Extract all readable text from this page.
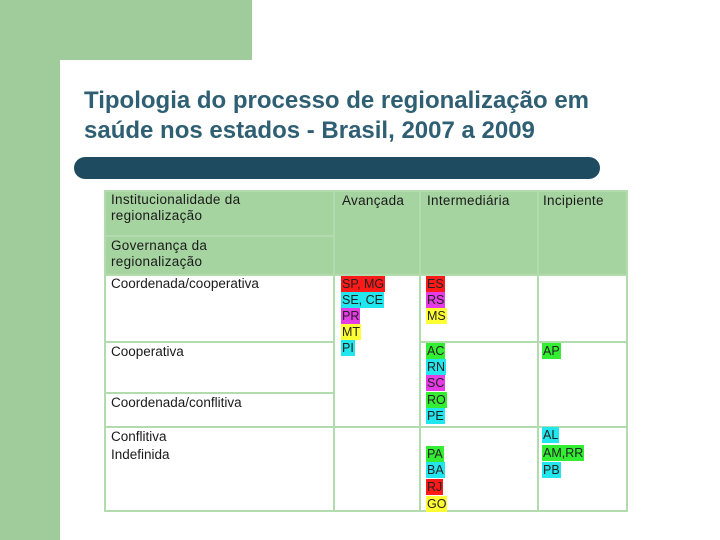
Tipologia do processo de regionalização em
saúde nos estados - Brasil, 2007 a 2009
Institucionalidade da regionalização
Governança da regionalização
Avançada Intermediária Incipiente
Coordenada/cooperativa
Cooperativa
Coordenada/conflitiva
Conflitiva
Indefinida
SP, MG
SE, CE
PR
MT
PI
ES
RS
MS
AC
RN
SC
RO
PE
PA
BA
RJ
GO
AP
AL
AM,RR
PB
